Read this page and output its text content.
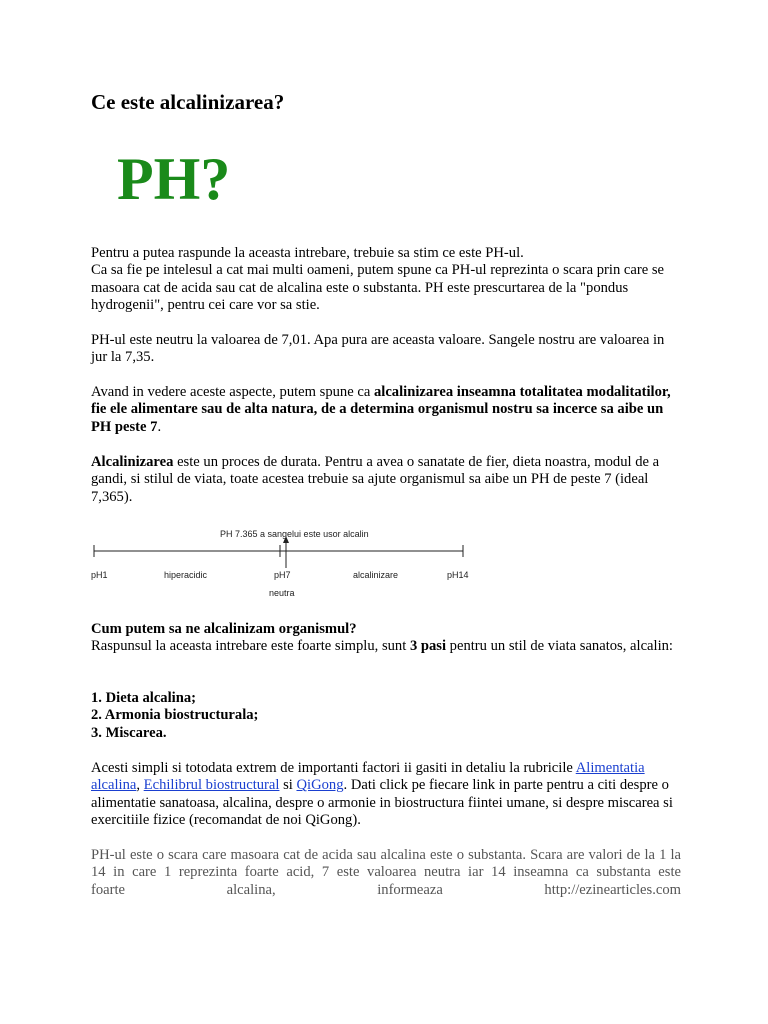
Ce este alcalinizarea?
PH?

Pentru a putea raspunde la aceasta intrebare, trebuie sa stim ce este PH-ul.

Ca sa fie pe intelesul a cat mai multi oameni, putem spune ca PH-ul reprezinta o scara prin care se masoara cat de acida sau cat de alcalina este o substanta. PH este prescurtarea de la "pondus hydrogenii", pentru cei care vor sa stie.

PH-ul este neutru la valoarea de 7,01. Apa pura are aceasta valoare. Sangele nostru are valoarea in jur la 7,35.

Avand in vedere aceste aspecte, putem spune ca alcalinizarea inseamna totalitatea modalitatilor, fie ele alimentare sau de alta natura, de a determina organismul nostru sa incerce sa aibe un PH peste 7.

Alcalinizarea este un proces de durata. Pentru a avea o sanatate de fier, dieta noastra, modul de a gandi, si stilul de viata, toate acestea trebuie sa ajute organismul sa aibe un PH de peste 7 (ideal 7,365).

PH 7.365 a sangelui este usor alcalin
pH1	hiperacidic	pH7	alcalinizare	pH14
neutra

Cum putem sa ne alcalinizam organismul?

Raspunsul la aceasta intrebare este foarte simplu, sunt 3 pasi pentru un stil de viata sanatos, alcalin:

1. Dieta alcalina;

2. Armonia biostructurala;

3. Miscarea.

Acesti simpli si totodata extrem de importanti factori ii gasiti in detaliu la rubricile Alimentatia alcalina, Echilibrul biostructural si QiGong. Dati click pe fiecare link in parte pentru a citi despre o alimentatie sanatoasa, alcalina, despre o armonie in biostructura fiintei umane, si despre miscarea si exercitiile fizice (recomandat de noi QiGong).

PH-ul este o scara care masoara cat de acida sau alcalina este o substanta. Scara are valori de la 1 la 14 in care 1 reprezinta foarte acid, 7 este valoarea neutra iar 14 inseamna ca substanta este

foarte alcalina, informeaza http://ezinearticles.com
